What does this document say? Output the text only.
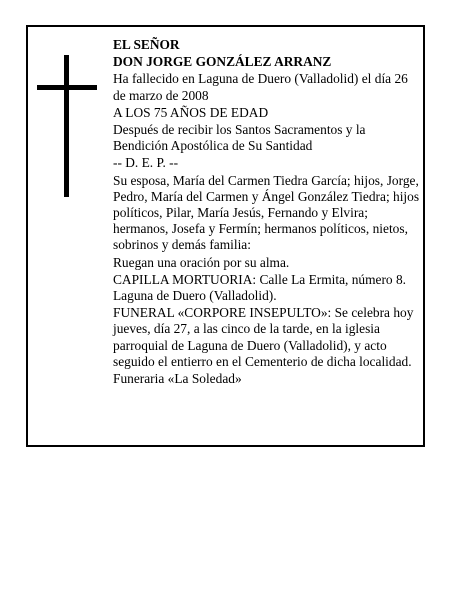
EL SEÑOR

DON JORGE GONZÁLEZ ARRANZ

Ha fallecido en Laguna de Duero (Valladolid) el día 26 de marzo de 2008

A LOS 75 AÑOS DE EDAD

Después de recibir los Santos Sacramentos y la Bendición Apostólica de Su Santidad

-- D. E. P. --

Su esposa, María del Carmen Tiedra García; hijos, Jorge, Pedro, María del Carmen y Ángel González Tiedra; hijos políticos, Pilar, María Jesús, Fernando y Elvira; hermanos, Josefa y Fermín; hermanos políticos, nietos, sobrinos y demás familia:

Ruegan una oración por su alma.

CAPILLA MORTUORIA: Calle La Ermita, número 8. Laguna de Duero (Valladolid).

FUNERAL «CORPORE INSEPULTO»: Se celebra hoy jueves, día 27, a las cinco de la tarde, en la iglesia parroquial de Laguna de Duero (Valladolid), y acto seguido el entierro en el Cementerio de dicha localidad.

Funeraria «La Soledad»
